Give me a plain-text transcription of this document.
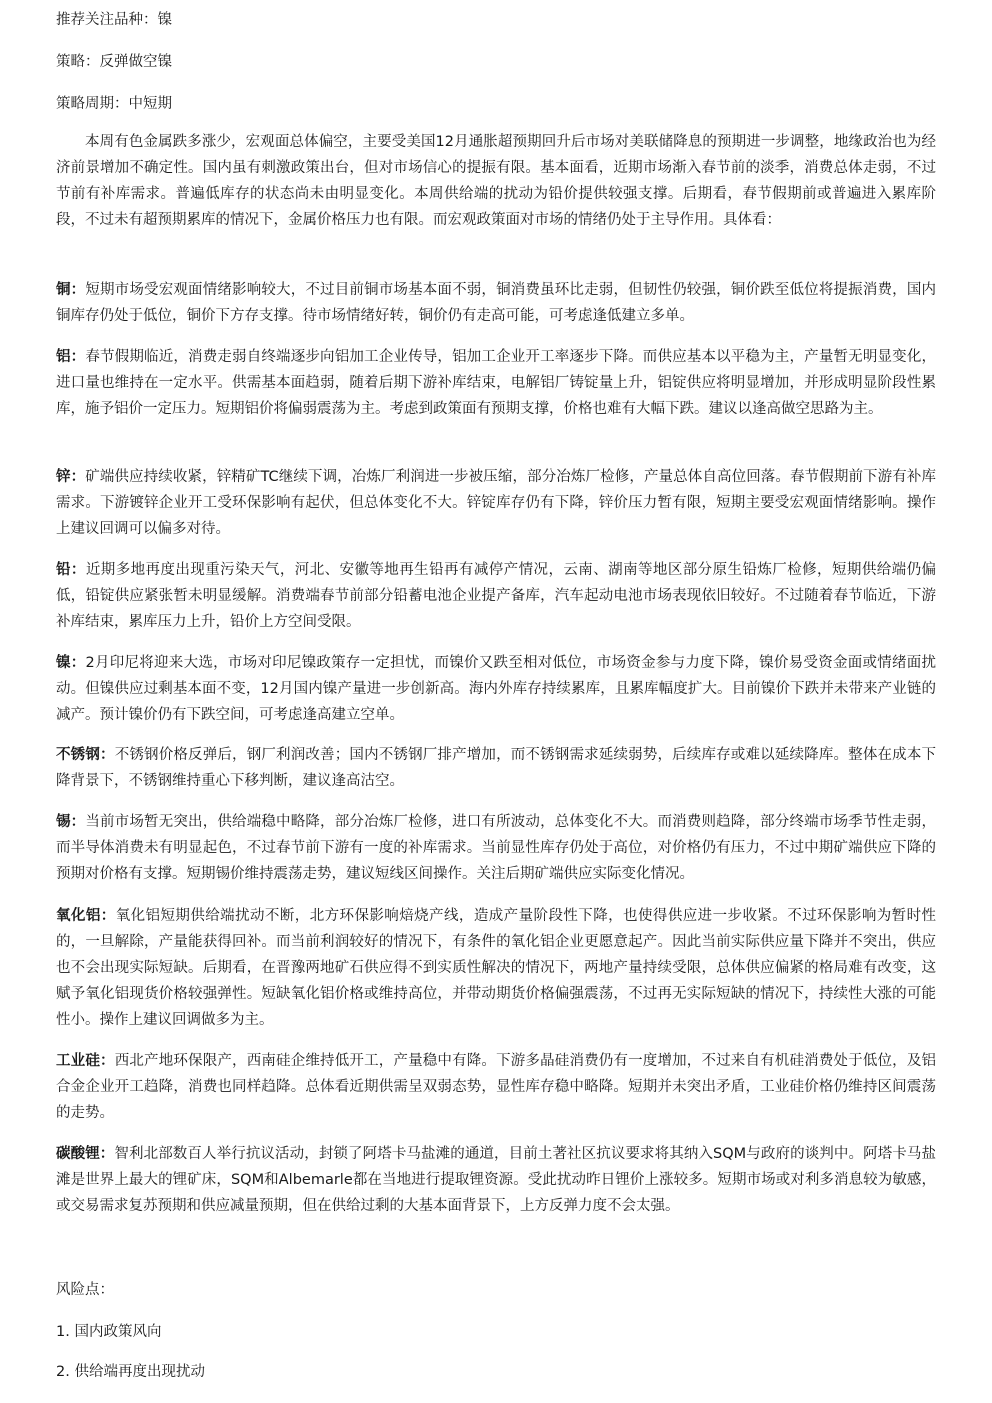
推荐关注品种：镍

策略：反弹做空镍

策略周期：中短期

本周有色金属跌多涨少，宏观面总体偏空，主要受美国12月通胀超预期回升后市场对美联储降息的预期进一步调整，地缘政治也为经济前景增加不确定性。国内虽有刺激政策出台，但对市场信心的提振有限。基本面看，近期市场渐入春节前的淡季，消费总体走弱，不过节前有补库需求。普遍低库存的状态尚未由明显变化。本周供给端的扰动为铅价提供较强支撑。后期看，春节假期前或普遍进入累库阶段，不过未有超预期累库的情况下，金属价格压力也有限。而宏观政策面对市场的情绪仍处于主导作用。具体看：

铜：短期市场受宏观面情绪影响较大，不过目前铜市场基本面不弱，铜消费虽环比走弱，但韧性仍较强，铜价跌至低位将提振消费，国内铜库存仍处于低位，铜价下方存支撑。待市场情绪好转，铜价仍有走高可能，可考虑逢低建立多单。

铝：春节假期临近，消费走弱自终端逐步向铝加工企业传导，铝加工企业开工率逐步下降。而供应基本以平稳为主，产量暂无明显变化，进口量也维持在一定水平。供需基本面趋弱，随着后期下游补库结束，电解铝厂铸锭量上升，铝锭供应将明显增加，并形成明显阶段性累库，施予铝价一定压力。短期铝价将偏弱震荡为主。考虑到政策面有预期支撑，价格也难有大幅下跌。建议以逢高做空思路为主。

锌：矿端供应持续收紧，锌精矿TC继续下调，冶炼厂利润进一步被压缩，部分冶炼厂检修，产量总体自高位回落。春节假期前下游有补库需求。下游镀锌企业开工受环保影响有起伏，但总体变化不大。锌锭库存仍有下降，锌价压力暂有限，短期主要受宏观面情绪影响。操作上建议回调可以偏多对待。

铅：近期多地再度出现重污染天气，河北、安徽等地再生铅再有减停产情况，云南、湖南等地区部分原生铅炼厂检修，短期供给端仍偏低，铅锭供应紧张暂未明显缓解。消费端春节前部分铅蓄电池企业提产备库，汽车起动电池市场表现依旧较好。不过随着春节临近，下游补库结束，累库压力上升，铅价上方空间受限。

镍：2月印尼将迎来大选，市场对印尼镍政策存一定担忧，而镍价又跌至相对低位，市场资金参与力度下降，镍价易受资金面或情绪面扰动。但镍供应过剩基本面不变，12月国内镍产量进一步创新高。海内外库存持续累库，且累库幅度扩大。目前镍价下跌并未带来产业链的减产。预计镍价仍有下跌空间，可考虑逢高建立空单。

不锈钢：不锈钢价格反弹后，钢厂利润改善；国内不锈钢厂排产增加，而不锈钢需求延续弱势，后续库存或难以延续降库。整体在成本下降背景下，不锈钢维持重心下移判断，建议逢高沽空。

锡：当前市场暂无突出，供给端稳中略降，部分冶炼厂检修，进口有所波动，总体变化不大。而消费则趋降，部分终端市场季节性走弱，而半导体消费未有明显起色，不过春节前下游有一度的补库需求。当前显性库存仍处于高位，对价格仍有压力，不过中期矿端供应下降的预期对价格有支撑。短期锡价维持震荡走势，建议短线区间操作。关注后期矿端供应实际变化情况。

氧化铝：氧化铝短期供给端扰动不断，北方环保影响焙烧产线，造成产量阶段性下降，也使得供应进一步收紧。不过环保影响为暂时性的，一旦解除，产量能获得回补。而当前利润较好的情况下，有条件的氧化铝企业更愿意起产。因此当前实际供应量下降并不突出，供应也不会出现实际短缺。后期看，在晋豫两地矿石供应得不到实质性解决的情况下，两地产量持续受限，总体供应偏紧的格局难有改变，这赋予氧化铝现货价格较强弹性。短缺氧化铝价格或维持高位，并带动期货价格偏强震荡，不过再无实际短缺的情况下，持续性大涨的可能性小。操作上建议回调做多为主。

工业硅：西北产地环保限产，西南硅企维持低开工，产量稳中有降。下游多晶硅消费仍有一度增加，不过来自有机硅消费处于低位，及铝合金企业开工趋降，消费也同样趋降。总体看近期供需呈双弱态势，显性库存稳中略降。短期并未突出矛盾，工业硅价格仍维持区间震荡的走势。

碳酸锂：智利北部数百人举行抗议活动，封锁了阿塔卡马盐滩的通道，目前土著社区抗议要求将其纳入SQM与政府的谈判中。阿塔卡马盐滩是世界上最大的锂矿床，SQM和Albemarle都在当地进行提取锂资源。受此扰动昨日锂价上涨较多。短期市场或对利多消息较为敏感，或交易需求复苏预期和供应减量预期，但在供给过剩的大基本面背景下，上方反弹力度不会太强。

风险点：

1. 国内政策风向

2. 供给端再度出现扰动
